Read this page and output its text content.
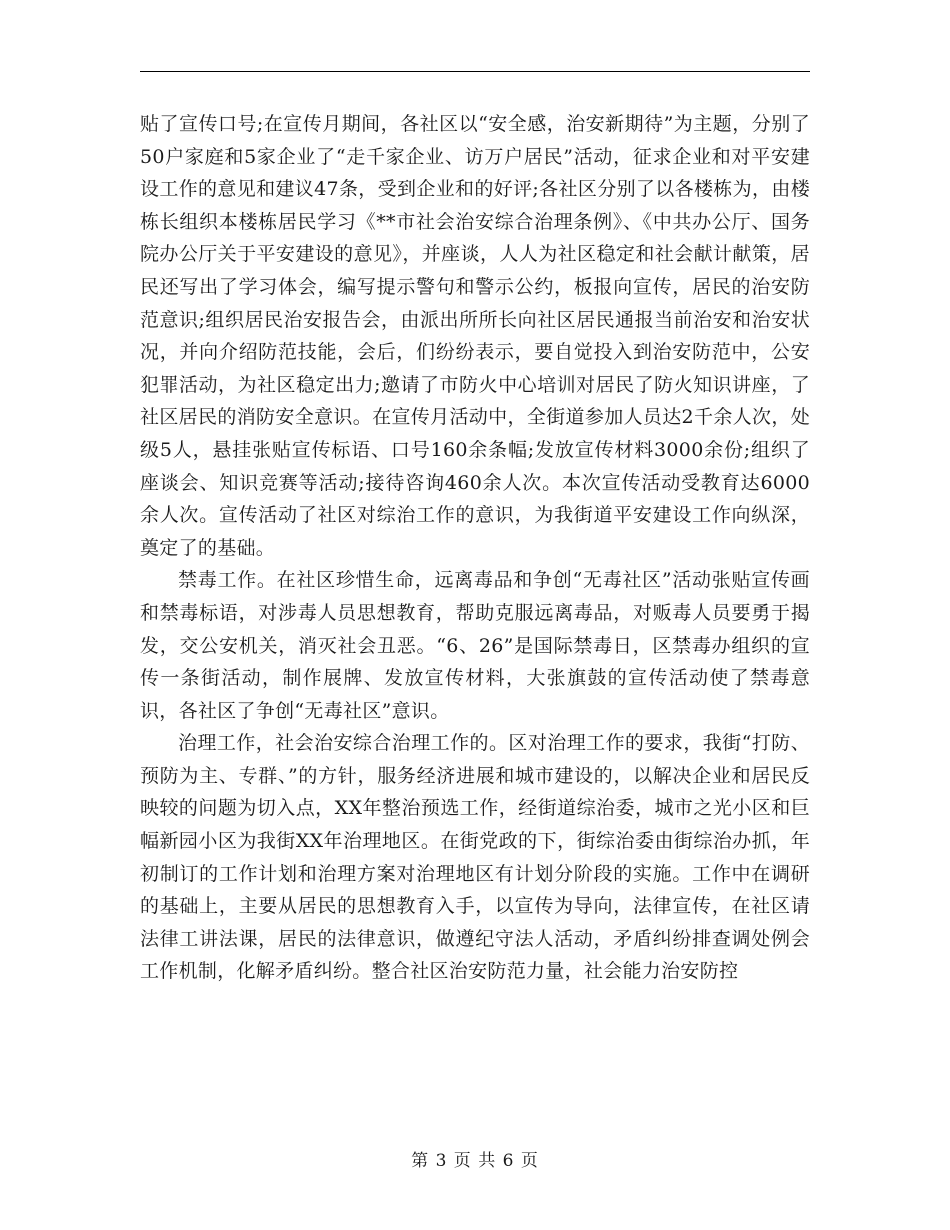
贴了宣传口号;在宣传月期间，各社区以“安全感，治安新期待”为主题，分别了50户家庭和5家企业了“走千家企业、访万户居民”活动，征求企业和对平安建设工作的意见和建议47条，受到企业和的好评;各社区分别了以各楼栋为，由楼栋长组织本楼栋居民学习《**市社会治安综合治理条例》、《中共办公厅、国务院办公厅关于平安建设的意见》，并座谈，人人为社区稳定和社会献计献策，居民还写出了学习体会，编写提示警句和警示公约，板报向宣传，居民的治安防范意识;组织居民治安报告会，由派出所所长向社区居民通报当前治安和治安状况，并向介绍防范技能，会后，们纷纷表示，要自觉投入到治安防范中，公安犯罪活动，为社区稳定出力;邀请了市防火中心培训对居民了防火知识讲座，了社区居民的消防安全意识。在宣传月活动中，全街道参加人员达2千余人次，处级5人，悬挂张贴宣传标语、口号160余条幅;发放宣传材料3000余份;组织了座谈会、知识竞赛等活动;接待咨询460余人次。本次宣传活动受教育达6000余人次。宣传活动了社区对综治工作的意识，为我街道平安建设工作向纵深，奠定了的基础。

禁毒工作。在社区珍惜生命，远离毒品和争创“无毒社区”活动张贴宣传画和禁毒标语，对涉毒人员思想教育，帮助克服远离毒品，对贩毒人员要勇于揭发，交公安机关，消灭社会丑恶。“6、26”是国际禁毒日，区禁毒办组织的宣传一条街活动，制作展牌、发放宣传材料，大张旗鼓的宣传活动使了禁毒意识，各社区了争创“无毒社区”意识。

治理工作，社会治安综合治理工作的。区对治理工作的要求，我街“打防、预防为主、专群、”的方针，服务经济进展和城市建设的，以解决企业和居民反映较的问题为切入点，XX年整治预选工作，经街道综治委，城市之光小区和巨幅新园小区为我街XX年治理地区。在街党政的下，街综治委由街综治办抓，年初制订的工作计划和治理方案对治理地区有计划分阶段的实施。工作中在调研的基础上，主要从居民的思想教育入手，以宣传为导向，法律宣传，在社区请法律工讲法课，居民的法律意识，做遵纪守法人活动，矛盾纠纷排查调处例会工作机制，化解矛盾纠纷。整合社区治安防范力量，社会能力治安防控

第 3 页 共 6 页
